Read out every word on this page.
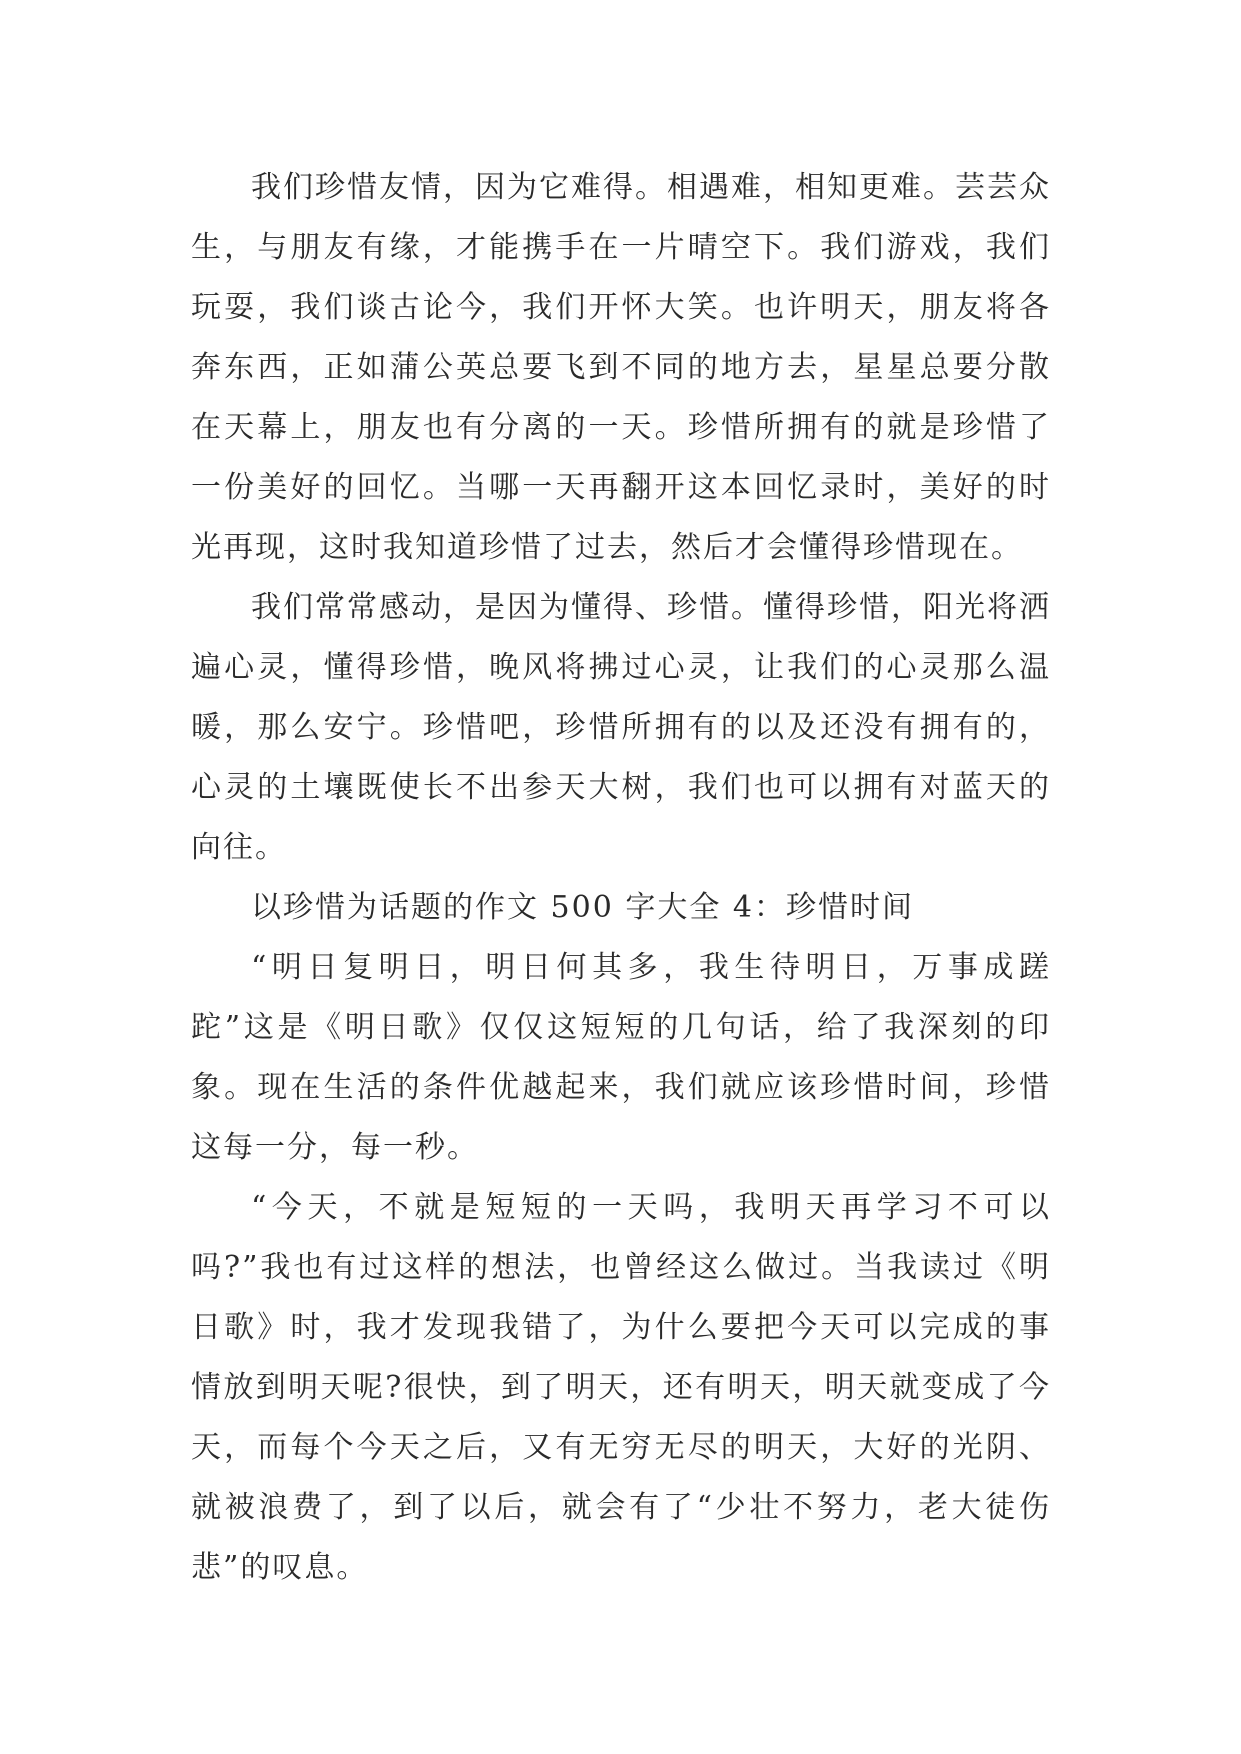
我们珍惜友情，因为它难得。相遇难，相知更难。芸芸众生，与朋友有缘，才能携手在一片晴空下。我们游戏，我们玩耍，我们谈古论今，我们开怀大笑。也许明天，朋友将各奔东西，正如蒲公英总要飞到不同的地方去，星星总要分散在天幕上，朋友也有分离的一天。珍惜所拥有的就是珍惜了一份美好的回忆。当哪一天再翻开这本回忆录时，美好的时光再现，这时我知道珍惜了过去，然后才会懂得珍惜现在。

我们常常感动，是因为懂得、珍惜。懂得珍惜，阳光将洒遍心灵，懂得珍惜，晚风将拂过心灵，让我们的心灵那么温暖，那么安宁。珍惜吧，珍惜所拥有的以及还没有拥有的，心灵的土壤既使长不出参天大树，我们也可以拥有对蓝天的向往。

以珍惜为话题的作文 500 字大全 4：珍惜时间

“明日复明日，明日何其多，我生待明日，万事成蹉跎”这是《明日歌》仅仅这短短的几句话，给了我深刻的印象。现在生活的条件优越起来，我们就应该珍惜时间，珍惜这每一分，每一秒。

“今天，不就是短短的一天吗，我明天再学习不可以吗?”我也有过这样的想法，也曾经这么做过。当我读过《明日歌》时，我才发现我错了，为什么要把今天可以完成的事情放到明天呢?很快，到了明天，还有明天，明天就变成了今天，而每个今天之后，又有无穷无尽的明天，大好的光阴、就被浪费了，到了以后，就会有了“少壮不努力，老大徒伤悲”的叹息。
